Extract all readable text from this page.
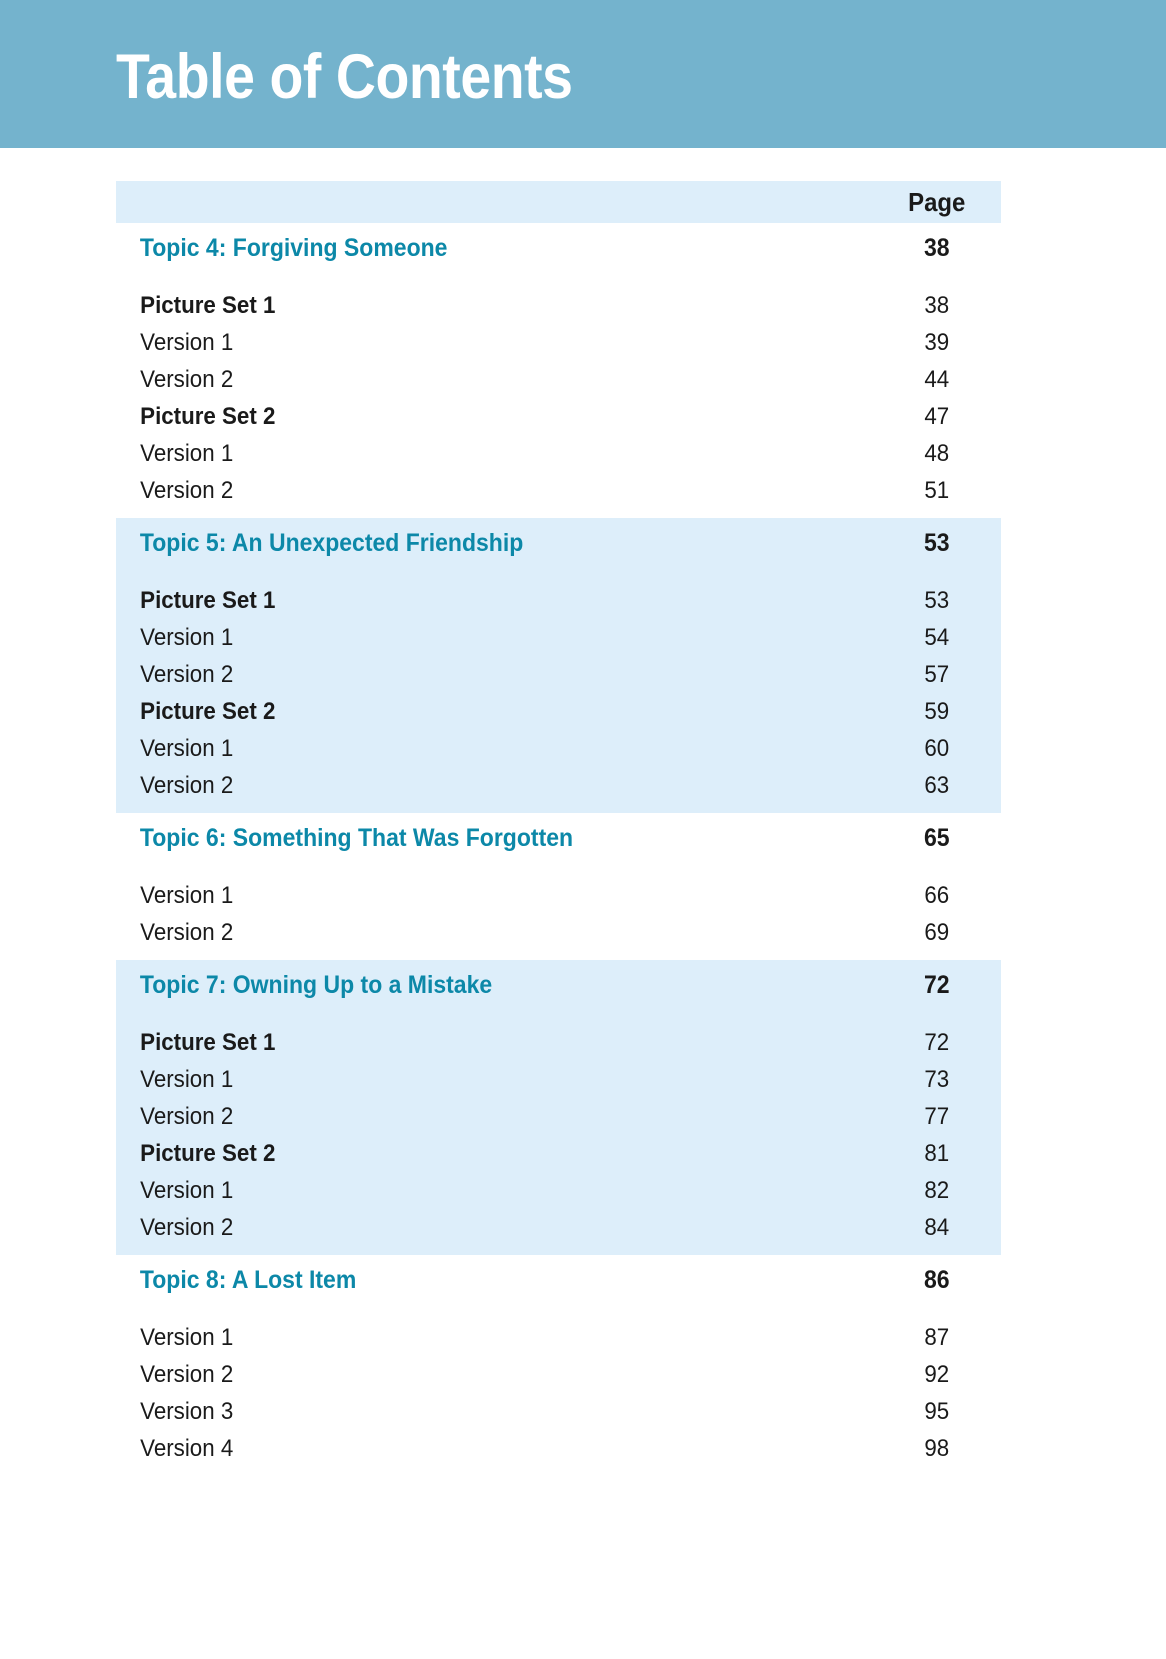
Table of Contents
Page
Topic 4: Forgiving Someone	38
Picture Set 1	38
Version 1	39
Version 2	44
Picture Set 2	47
Version 1	48
Version 2	51
Topic 5: An Unexpected Friendship	53
Picture Set 1	53
Version 1	54
Version 2	57
Picture Set 2	59
Version 1	60
Version 2	63
Topic 6: Something That Was Forgotten	65
Version 1	66
Version 2	69
Topic 7: Owning Up to a Mistake	72
Picture Set 1	72
Version 1	73
Version 2	77
Picture Set 2	81
Version 1	82
Version 2	84
Topic 8: A Lost Item	86
Version 1	87
Version 2	92
Version 3	95
Version 4	98
